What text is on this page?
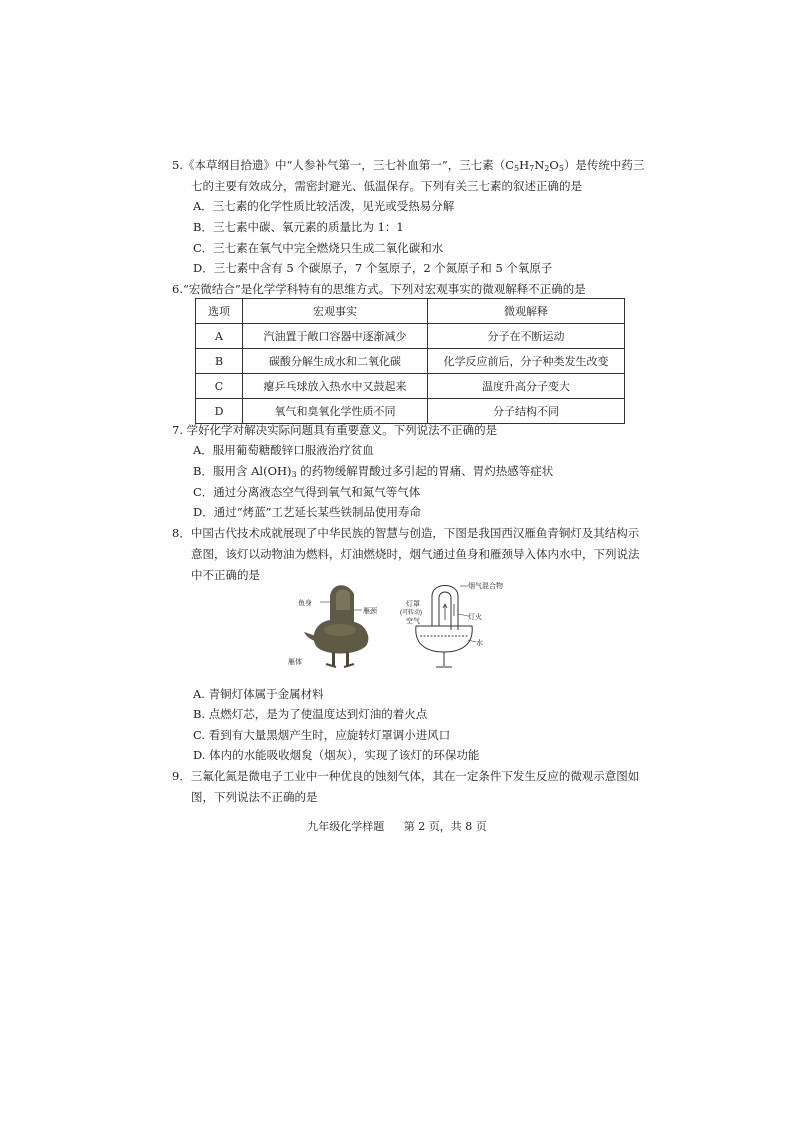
5.《本草纲目拾遗》中“人参补气第一，三七补血第一”，三七素$(C_5H_7N_2O_5)$是传统中药三
七的主要有效成分，需密封避光、低温保存。下列有关三七素的叙述正确的是
A．三七素的化学性质比较活泼，见光或受热易分解
B．三七素中碳、氧元素的质量比为 1：1
C．三七素在氧气中完全燃烧只生成二氧化碳和水
D．三七素中含有 5 个碳原子，7 个氢原子，2 个氮原子和 5 个氧原子
6.“宏微结合”是化学学科特有的思维方式。下列对宏观事实的微观解释不正确的是
选项	宏观事实	微观解释
A	汽油置于敞口容器中逐渐减少	分子在不断运动
B	碳酸分解生成水和二氧化碳	化学反应前后，分子种类发生改变
C	瘪乒乓球放入热水中又鼓起来	温度升高分子变大
D	氧气和臭氧化学性质不同	分子结构不同
7. 学好化学对解决实际问题具有重要意义。下列说法不正确的是
A．服用葡萄糖酸锌口服液治疗贫血
B．服用含 $Al(OH)_3$ 的药物缓解胃酸过多引起的胃痛、胃灼热感等症状
C．通过分离液态空气得到氧气和氮气等气体
D．通过“烤蓝”工艺延长某些铁制品使用寿命
8．中国古代技术成就展现了中华民族的智慧与创造，下图是我国西汉雁鱼青铜灯及其结构示
意图，该灯以动物油为燃料，灯油燃烧时，烟气通过鱼身和雁颈导入体内水中，下列说法
中不正确的是
鱼身
雁颈
雁体
灯罩
(可转动)
空气
烟气混合物
灯火
水
A. 青铜灯体属于金属材料
B. 点燃灯芯，是为了使温度达到灯油的着火点
C. 看到有大量黑烟产生时，应旋转灯罩调小进风口
D. 体内的水能吸收烟炱（烟灰），实现了该灯的环保功能
9．三氟化氮是微电子工业中一种优良的蚀刻气体，其在一定条件下发生反应的微观示意图如
图，下列说法不正确的是
九年级化学样题 第 2 页，共 8 页
